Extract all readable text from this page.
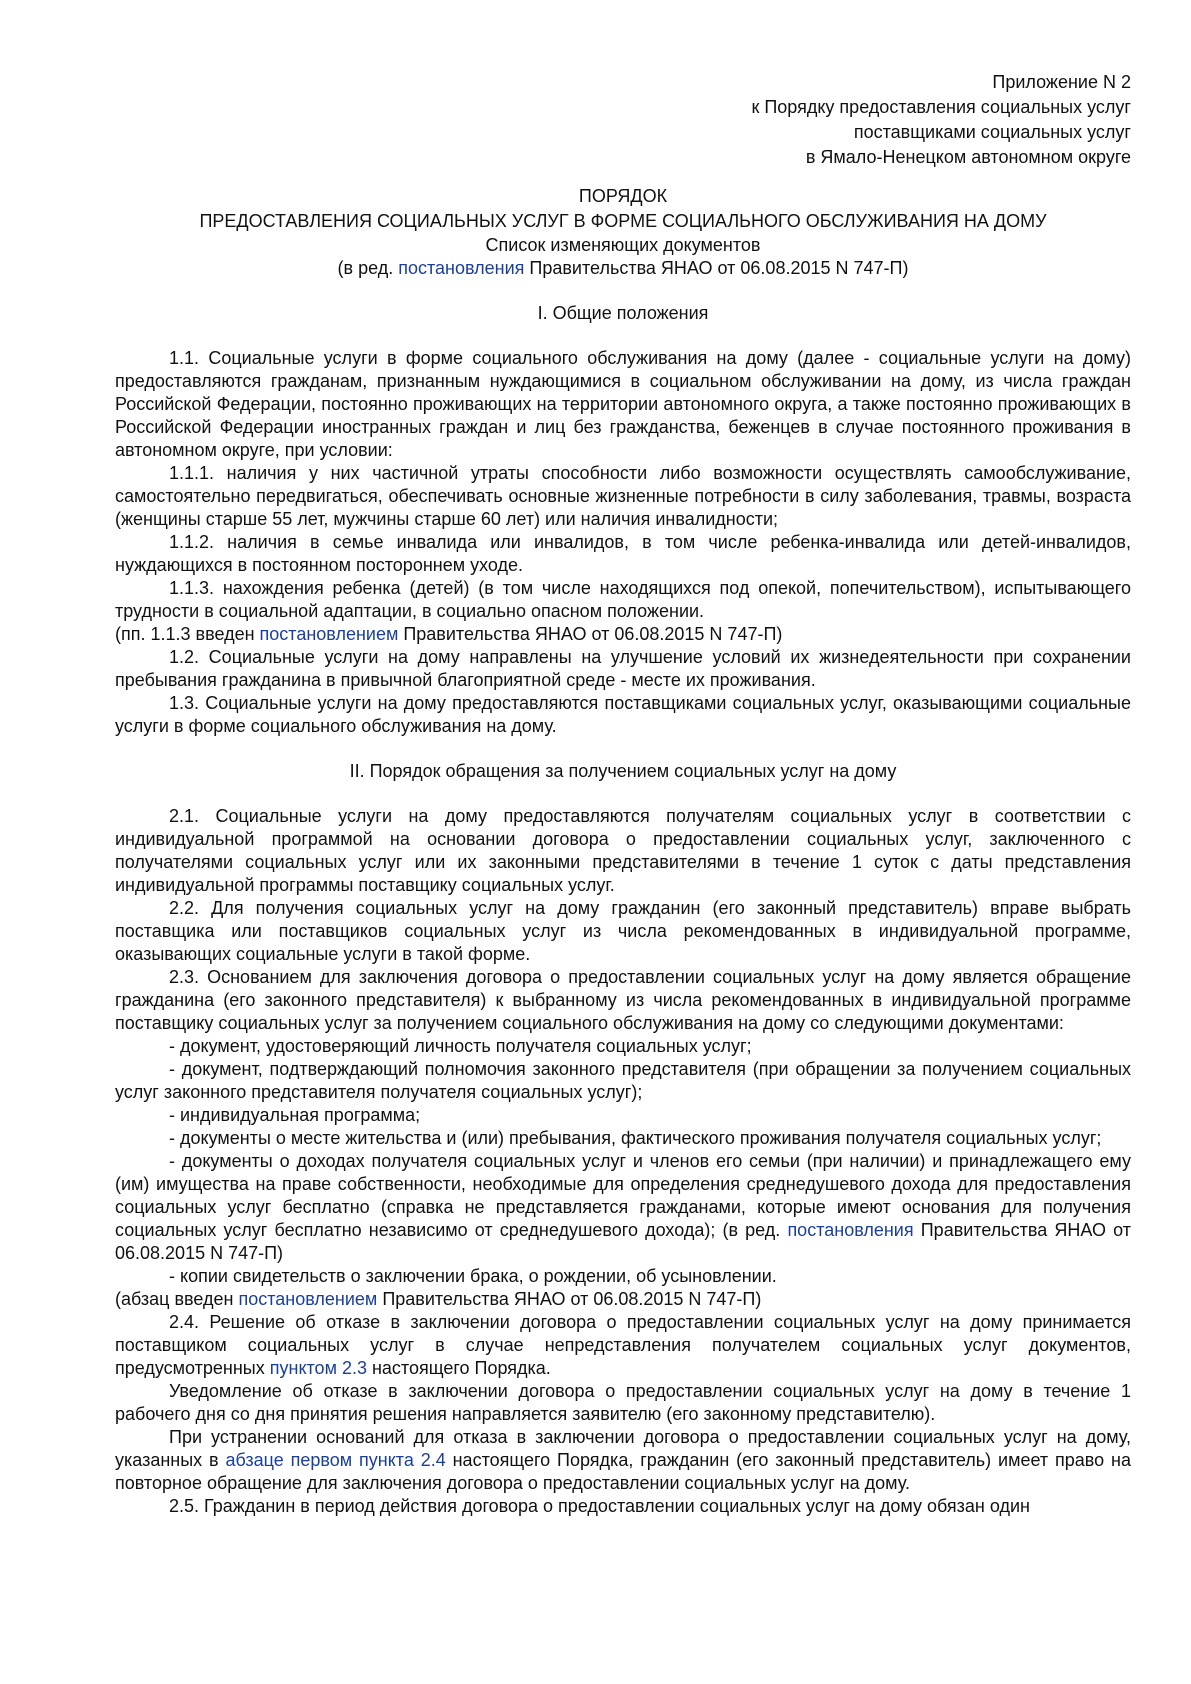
Приложение N 2
к Порядку предоставления социальных услуг
поставщиками социальных услуг
в Ямало-Ненецком автономном округе
ПОРЯДОК
ПРЕДОСТАВЛЕНИЯ СОЦИАЛЬНЫХ УСЛУГ В ФОРМЕ СОЦИАЛЬНОГО ОБСЛУЖИВАНИЯ НА ДОМУ
Список изменяющих документов
(в ред. постановления Правительства ЯНАО от 06.08.2015 N 747-П)
I. Общие положения

1.1. Социальные услуги в форме социального обслуживания на дому (далее - социальные услуги на дому) предоставляются гражданам, признанным нуждающимися в социальном обслуживании на дому, из числа граждан Российской Федерации, постоянно проживающих на территории автономного округа, а также постоянно проживающих в Российской Федерации иностранных граждан и лиц без гражданства, беженцев в случае постоянного проживания в автономном округе, при условии:

1.1.1. наличия у них частичной утраты способности либо возможности осуществлять самообслуживание, самостоятельно передвигаться, обеспечивать основные жизненные потребности в силу заболевания, травмы, возраста (женщины старше 55 лет, мужчины старше 60 лет) или наличия инвалидности;

1.1.2. наличия в семье инвалида или инвалидов, в том числе ребенка-инвалида или детей-инвалидов, нуждающихся в постоянном постороннем уходе.

1.1.3. нахождения ребенка (детей) (в том числе находящихся под опекой, попечительством), испытывающего трудности в социальной адаптации, в социально опасном положении.

(пп. 1.1.3 введен постановлением Правительства ЯНАО от 06.08.2015 N 747-П)

1.2. Социальные услуги на дому направлены на улучшение условий их жизнедеятельности при сохранении пребывания гражданина в привычной благоприятной среде - месте их проживания.

1.3. Социальные услуги на дому предоставляются поставщиками социальных услуг, оказывающими социальные услуги в форме социального обслуживания на дому.

II. Порядок обращения за получением социальных услуг на дому

2.1. Социальные услуги на дому предоставляются получателям социальных услуг в соответствии с индивидуальной программой на основании договора о предоставлении социальных услуг, заключенного с получателями социальных услуг или их законными представителями в течение 1 суток с даты представления индивидуальной программы поставщику социальных услуг.

2.2. Для получения социальных услуг на дому гражданин (его законный представитель) вправе выбрать поставщика или поставщиков социальных услуг из числа рекомендованных в индивидуальной программе, оказывающих социальные услуги в такой форме.

2.3. Основанием для заключения договора о предоставлении социальных услуг на дому является обращение гражданина (его законного представителя) к выбранному из числа рекомендованных в индивидуальной программе поставщику социальных услуг за получением социального обслуживания на дому со следующими документами:

- документ, удостоверяющий личность получателя социальных услуг;

- документ, подтверждающий полномочия законного представителя (при обращении за получением социальных услуг законного представителя получателя социальных услуг);

- индивидуальная программа;

- документы о месте жительства и (или) пребывания, фактического проживания получателя социальных услуг;

- документы о доходах получателя социальных услуг и членов его семьи (при наличии) и принадлежащего ему (им) имущества на праве собственности, необходимые для определения среднедушевого дохода для предоставления социальных услуг бесплатно (справка не представляется гражданами, которые имеют основания для получения социальных услуг бесплатно независимо от среднедушевого дохода); (в ред. постановления Правительства ЯНАО от 06.08.2015 N 747-П)

- копии свидетельств о заключении брака, о рождении, об усыновлении.

(абзац введен постановлением Правительства ЯНАО от 06.08.2015 N 747-П)

2.4. Решение об отказе в заключении договора о предоставлении социальных услуг на дому принимается поставщиком социальных услуг в случае непредставления получателем социальных услуг документов, предусмотренных пунктом 2.3 настоящего Порядка.

Уведомление об отказе в заключении договора о предоставлении социальных услуг на дому в течение 1 рабочего дня со дня принятия решения направляется заявителю (его законному представителю).

При устранении оснований для отказа в заключении договора о предоставлении социальных услуг на дому, указанных в абзаце первом пункта 2.4 настоящего Порядка, гражданин (его законный представитель) имеет право на повторное обращение для заключения договора о предоставлении социальных услуг на дому.

2.5. Гражданин в период действия договора о предоставлении социальных услуг на дому обязан один
